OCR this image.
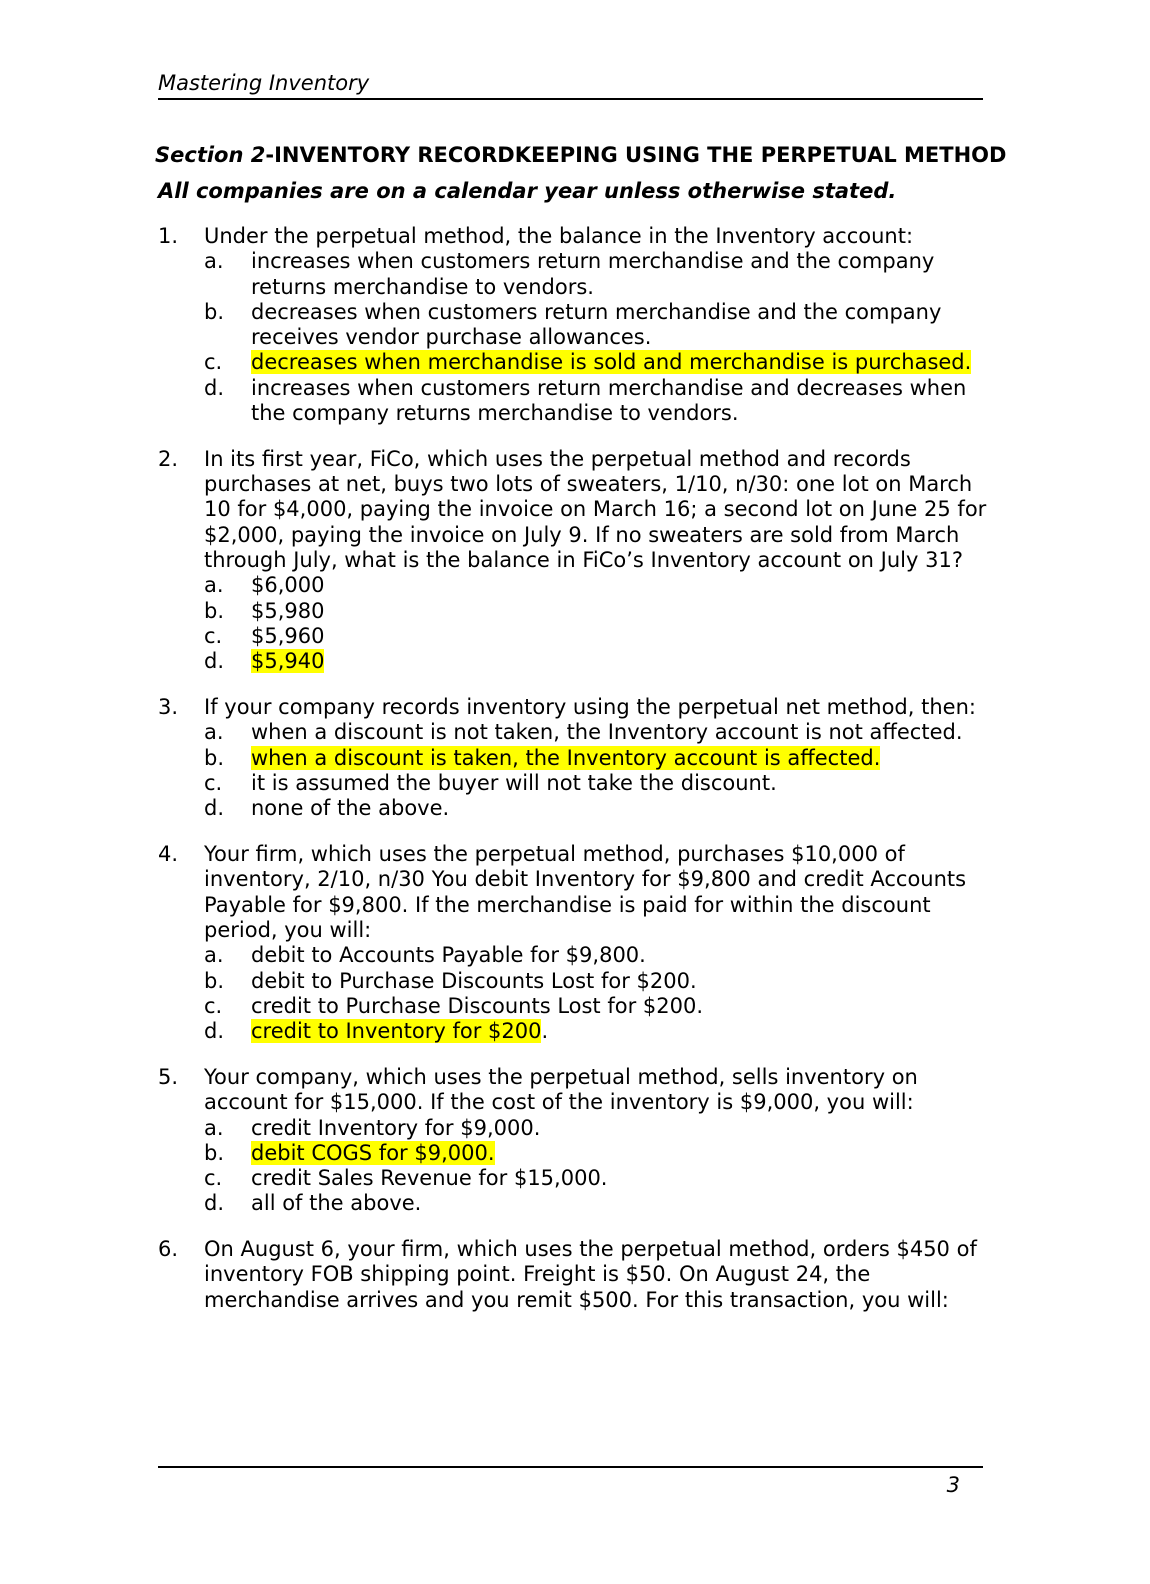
Mastering Inventory
Section 2-INVENTORY RECORDKEEPING USING THE PERPETUAL METHOD
All companies are on a calendar year unless otherwise stated.
1. Under the perpetual method, the balance in the Inventory account:
a. increases when customers return merchandise and the company returns merchandise to vendors.
b. decreases when customers return merchandise and the company receives vendor purchase allowances.
c. decreases when merchandise is sold and merchandise is purchased.
d. increases when customers return merchandise and decreases when the company returns merchandise to vendors.
2. In its first year, FiCo, which uses the perpetual method and records purchases at net, buys two lots of sweaters, 1/10, n/30: one lot on March 10 for $4,000, paying the invoice on March 16; a second lot on June 25 for $2,000, paying the invoice on July 9. If no sweaters are sold from March through July, what is the balance in FiCo’s Inventory account on July 31?
a. $6,000
b. $5,980
c. $5,960
d. $5,940
3. If your company records inventory using the perpetual net method, then:
a. when a discount is not taken, the Inventory account is not affected.
b. when a discount is taken, the Inventory account is affected.
c. it is assumed the buyer will not take the discount.
d. none of the above.
4. Your firm, which uses the perpetual method, purchases $10,000 of inventory, 2/10, n/30 You debit Inventory for $9,800 and credit Accounts Payable for $9,800. If the merchandise is paid for within the discount period, you will:
a. debit to Accounts Payable for $9,800.
b. debit to Purchase Discounts Lost for $200.
c. credit to Purchase Discounts Lost for $200.
d. credit to Inventory for $200.
5. Your company, which uses the perpetual method, sells inventory on account for $15,000. If the cost of the inventory is $9,000, you will:
a. credit Inventory for $9,000.
b. debit COGS for $9,000.
c. credit Sales Revenue for $15,000.
d. all of the above.
6. On August 6, your firm, which uses the perpetual method, orders $450 of inventory FOB shipping point. Freight is $50. On August 24, the merchandise arrives and you remit $500. For this transaction, you will:
3
